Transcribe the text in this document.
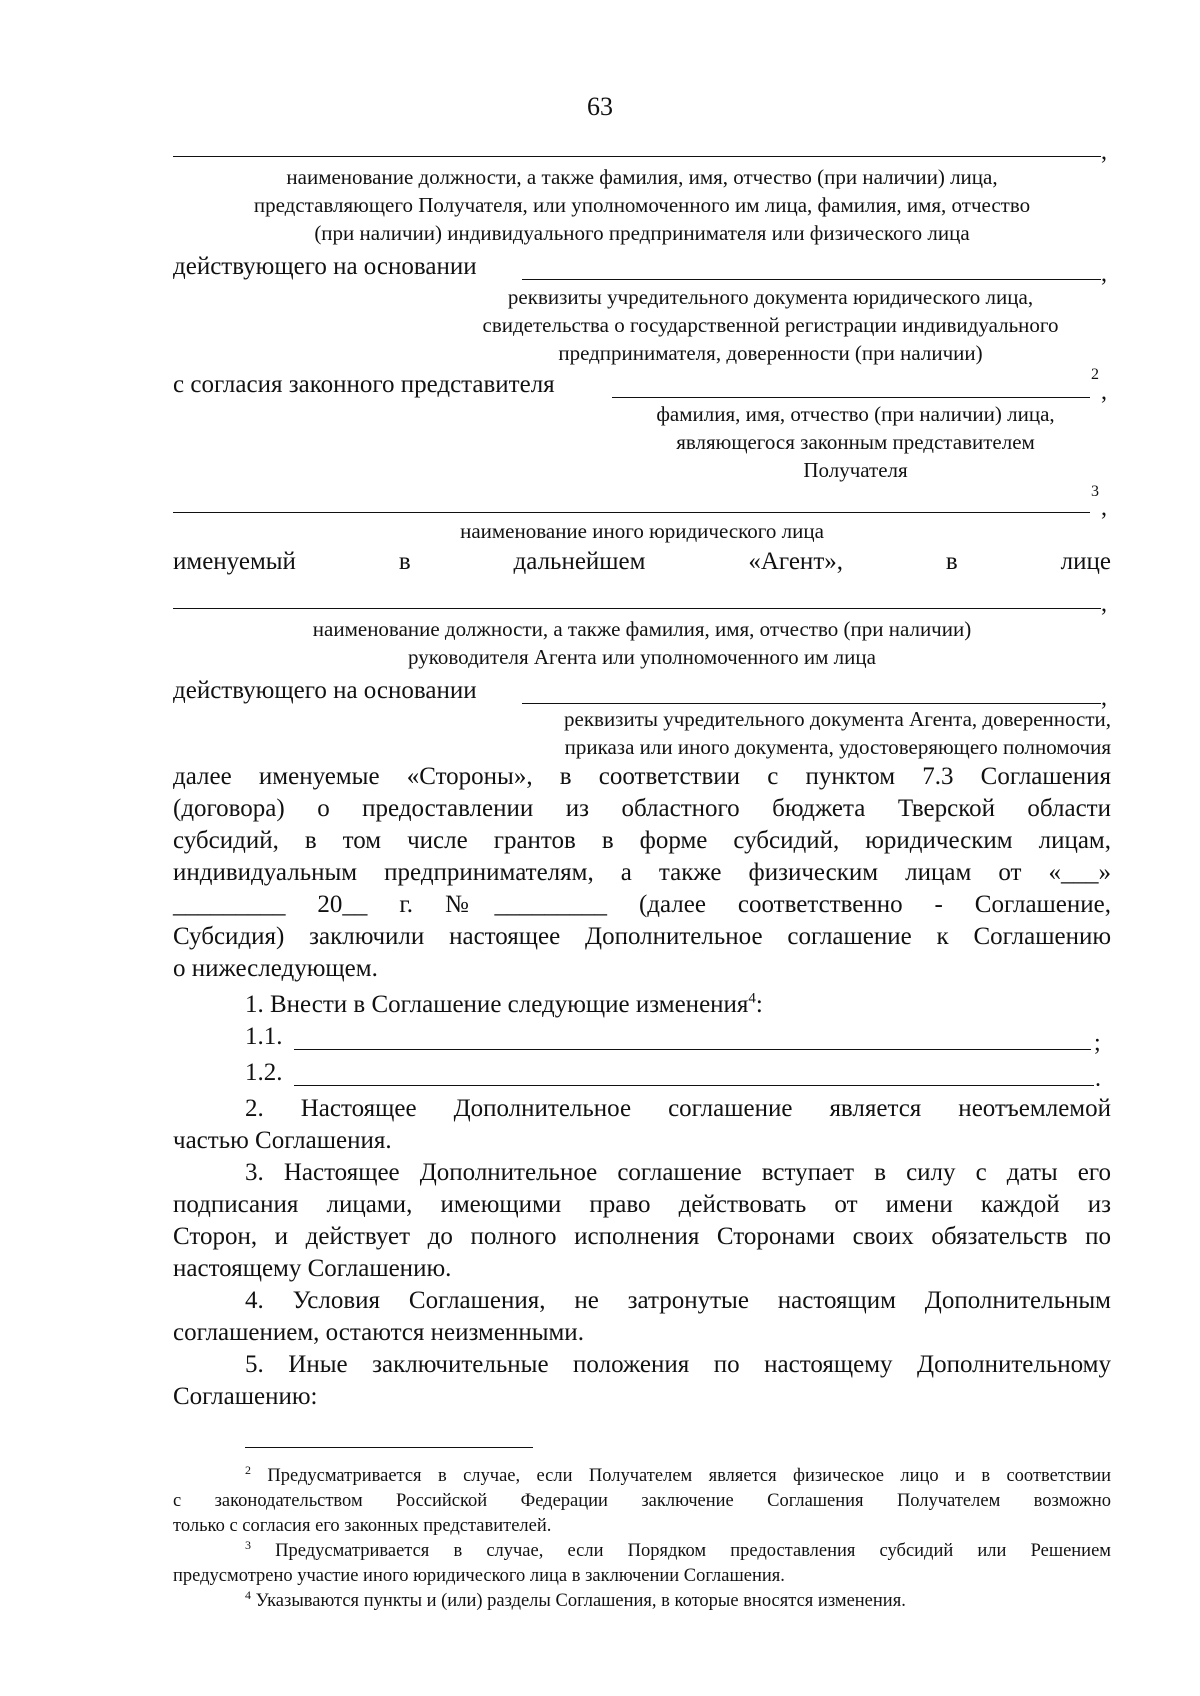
63
,
наименование должности, а также фамилия, имя, отчество (при наличии) лица,
представляющего Получателя, или уполномоченного им лица, фамилия, имя, отчество
(при наличии) индивидуального предпринимателя или физического лица
действующего на основании	,
реквизиты учредительного документа юридического лица,
свидетельства о государственной регистрации индивидуального
предпринимателя, доверенности (при наличии)
с согласия законного представителя	2
,
фамилия, имя, отчество (при наличии) лица,
являющегося законным представителем
Получателя
3
,
наименование иного юридического лица
именуемый	в	дальнейшем	«Агент»,	в	лице
,
наименование должности, а также фамилия, имя, отчество (при наличии)
руководителя Агента или уполномоченного им лица
действующего на основании	,
реквизиты учредительного документа Агента, доверенности,
приказа или иного документа, удостоверяющего полномочия
далее именуемые «Стороны», в соответствии с пунктом 7.3 Соглашения
(договора) о предоставлении из областного бюджета Тверской области
субсидий, в том числе грантов в форме субсидий, юридическим лицам,
индивидуальным предпринимателям, а также физическим лицам от «___»
_________ 20__ г. №_________ (далее соответственно - Соглашение,
Субсидия) заключили настоящее Дополнительное соглашение к Соглашению
о нижеследующем.
1. Внести в Соглашение следующие изменения$^4$:
1.1.	;
1.2.	.
2. Настоящее Дополнительное соглашение является неотъемлемой
частью Соглашения.
3. Настоящее Дополнительное соглашение вступает в силу с даты его
подписания лицами, имеющими право действовать от имени каждой из
Сторон, и действует до полного исполнения Сторонами своих обязательств по
настоящему Соглашению.
4. Условия Соглашения, не затронутые настоящим Дополнительным
соглашением, остаются неизменными.
5. Иные заключительные положения по настоящему Дополнительному
Соглашению:
$^2$ Предусматривается в случае, если Получателем является физическое лицо и в соответствии
с законодательством Российской Федерации заключение Соглашения Получателем возможно
только с согласия его законных представителей.
$^3$ Предусматривается в случае, если Порядком предоставления субсидий или Решением
предусмотрено участие иного юридического лица в заключении Соглашения.
$^4$ Указываются пункты и (или) разделы Соглашения, в которые вносятся изменения.
